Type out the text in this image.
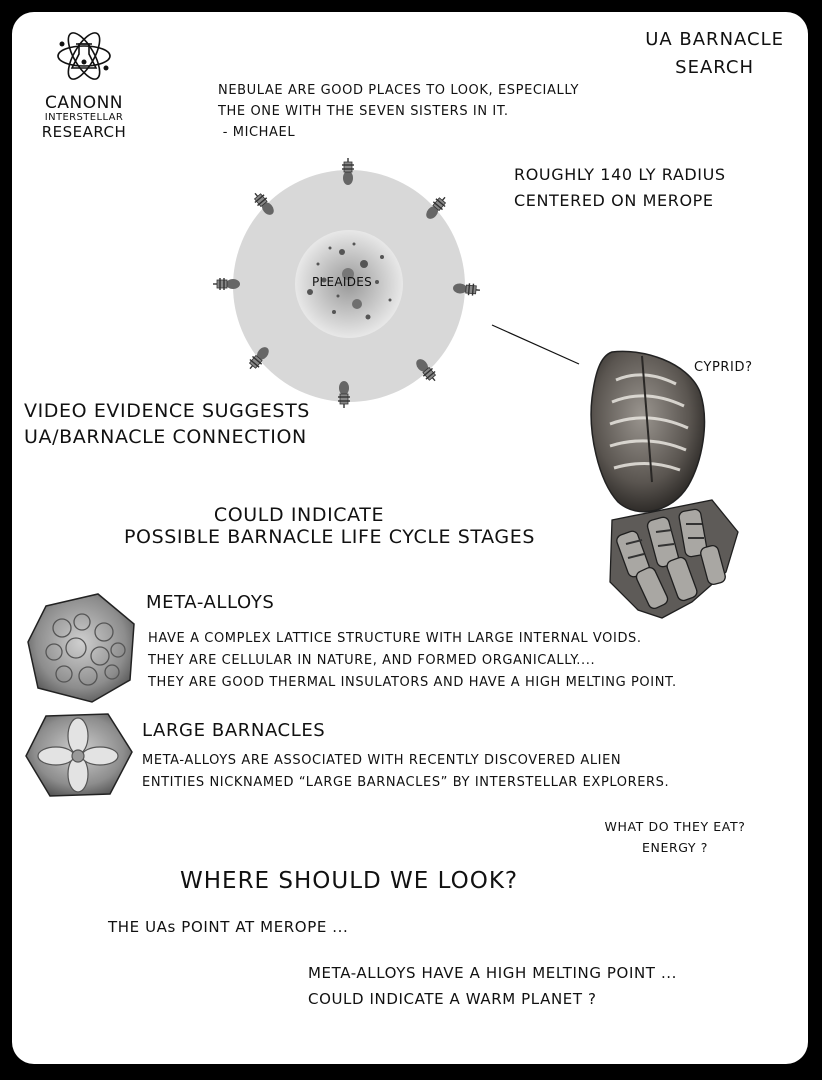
CANONN
INTERSTELLAR
RESEARCH
UA BARNACLE
SEARCH
NEBULAE ARE GOOD PLACES TO LOOK, ESPECIALLY
THE ONE WITH THE SEVEN SISTERS IN IT.
- MICHAEL
ROUGHLY 140 LY RADIUS
CENTERED ON MEROPE
PLEAIDES
CYPRID?
VIDEO EVIDENCE SUGGESTS
UA/BARNACLE CONNECTION
COULD INDICATE
POSSIBLE BARNACLE LIFE CYCLE STAGES
META-ALLOYS
HAVE A COMPLEX LATTICE STRUCTURE WITH LARGE INTERNAL VOIDS.
THEY ARE CELLULAR IN NATURE, AND FORMED ORGANICALLY....
THEY ARE GOOD THERMAL INSULATORS AND HAVE A HIGH MELTING POINT.
LARGE BARNACLES
META-ALLOYS ARE ASSOCIATED WITH RECENTLY DISCOVERED ALIEN
ENTITIES NICKNAMED “LARGE BARNACLES” BY INTERSTELLAR EXPLORERS.
WHAT DO THEY EAT?
ENERGY ?
WHERE SHOULD WE LOOK?
THE UAs POINT AT MEROPE ...
META-ALLOYS HAVE A HIGH MELTING POINT ...
COULD INDICATE A WARM PLANET ?
